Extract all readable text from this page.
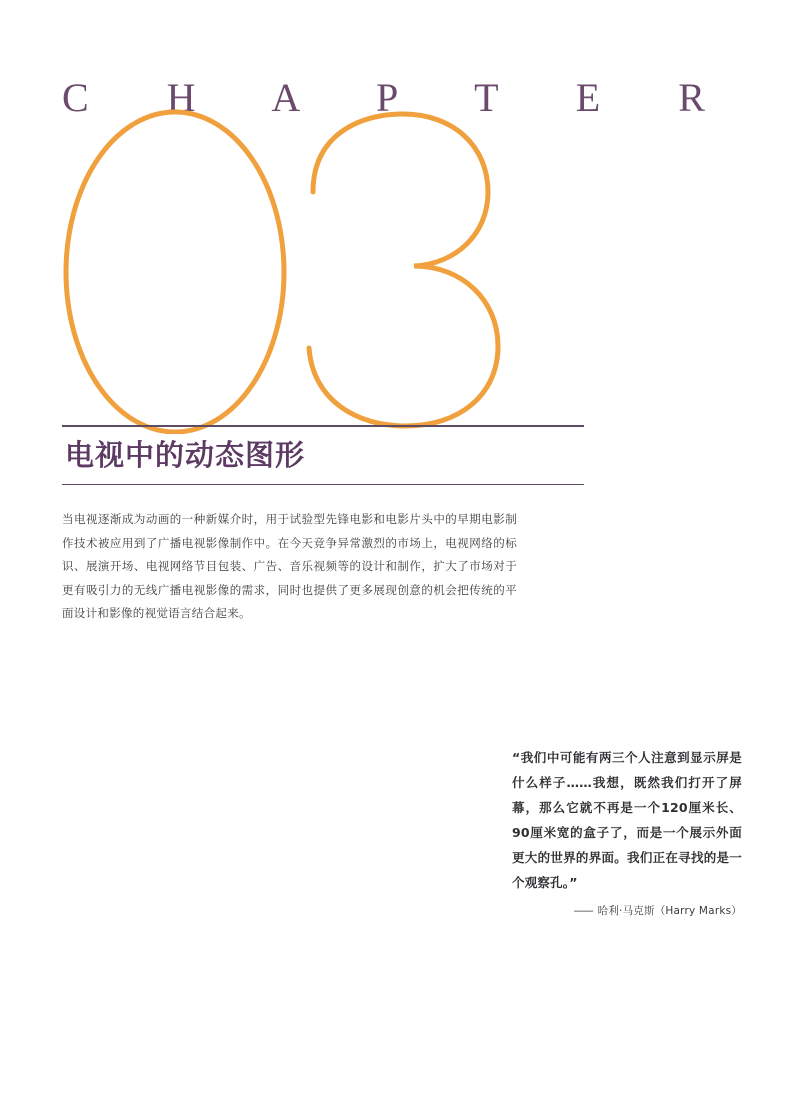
C H A P T E R
电视中的动态图形
当电视逐渐成为动画的一种新媒介时，用于试验型先锋电影和电影片头中的早期电影制作技术被应用到了广播电视影像制作中。在今天竞争异常激烈的市场上，电视网络的标识、展演开场、电视网络节目包装、广告、音乐视频等的设计和制作，扩大了市场对于更有吸引力的无线广播电视影像的需求，同时也提供了更多展现创意的机会把传统的平面设计和影像的视觉语言结合起来。
“我们中可能有两三个人注意到显示屏是什么样子……我想，既然我们打开了屏幕，那么它就不再是一个120厘米长、90厘米宽的盒子了，而是一个展示外面更大的世界的界面。我们正在寻找的是一个观察孔。”
—— 哈利·马克斯（Harry Marks）
